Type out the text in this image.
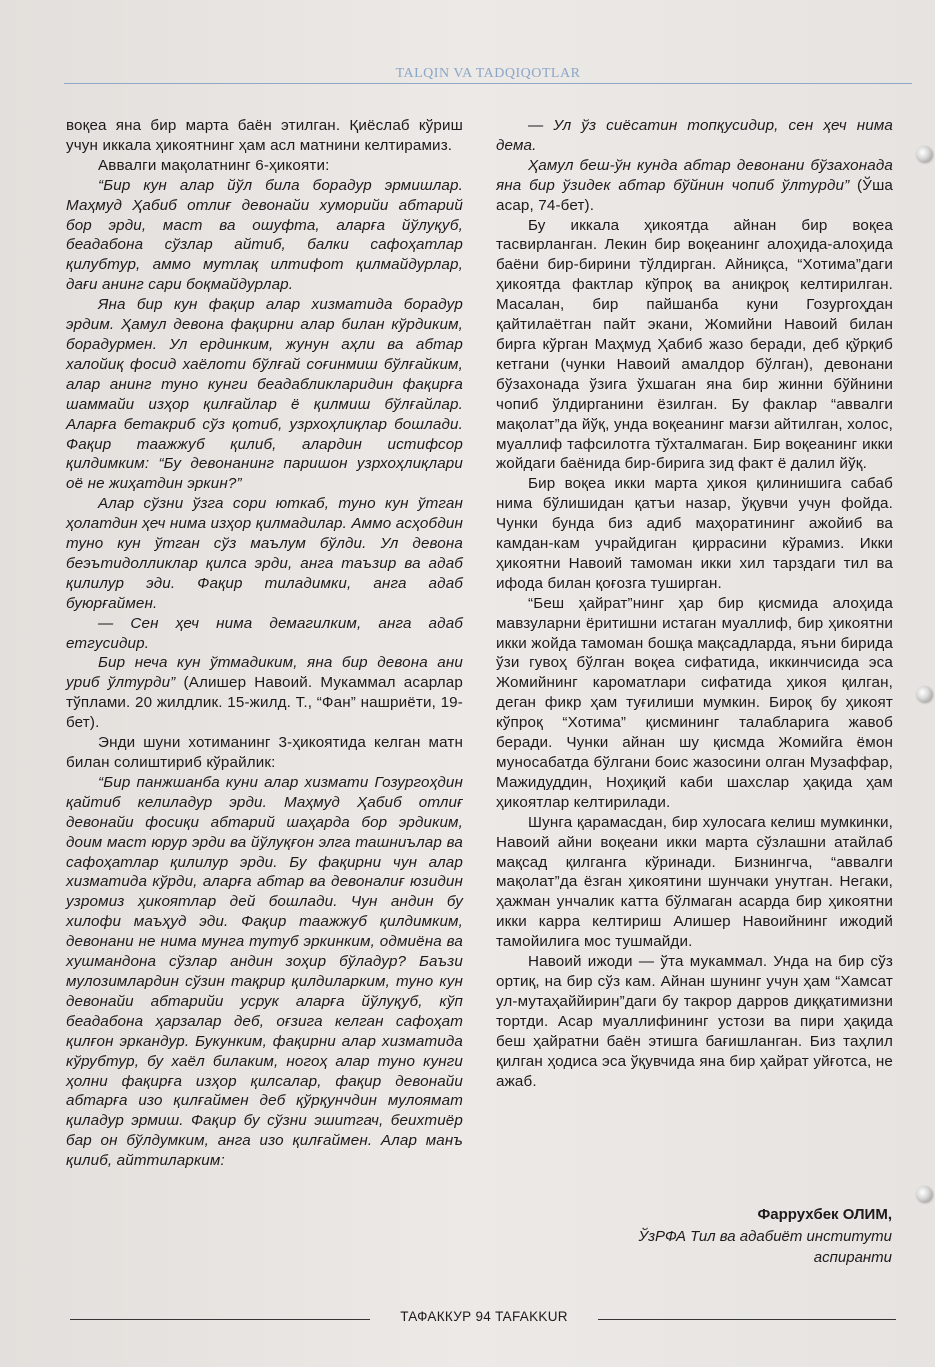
TALQIN VA TADQIQOTLAR

воқеа яна бир марта баён этилган. Қиёслаб кўриш учун иккала ҳикоятнинг ҳам асл матнини келтирамиз.

Аввалги мақолатнинг 6-ҳикояти:

“Бир кун алар йўл била борадур эрмишлар. Маҳмуд Ҳабиб отлиғ девонайи хуморийи абтарий бор эрди, маст ва ошуфта, аларға йўлуқуб, беадабона сўзлар айтиб, балки сафоҳатлар қилубтур, аммо мутлақ илтифот қилмайдурлар, дағи анинг сари боқмайдурлар.

Яна бир кун фақир алар хизматида борадур эрдим. Ҳамул девона фақирни алар билан кўрдиким, борадурмен. Ул ердинким, жунун аҳли ва абтар халойиқ фосид хаёлоти бўлғай соғинмиш бўлғайким, алар анинг туно кунги беадабликларидин фақирға шаммайи изҳор қилғайлар ё қилмиш бўлғайлар. Аларға бетакриб сўз қотиб, узрхоҳлиқлар бошлади. Фақир таажжуб қилиб, алардин истифсор қилдимким: “Бу девонанинг паришон узрхоҳлиқлари оё не жиҳатдин эркин?”

Алар сўзни ўзга сори юткаб, туно кун ўтган ҳолатдин ҳеч нима изҳор қилмадилар. Аммо асҳобдин туно кун ўтган сўз маълум бўлди. Ул девона беэътидолликлар қилса эрди, анга таъзир ва адаб қилилур эди. Фақир тиладимки, анга адаб буюрғаймен.

— Сен ҳеч нима демагилким, анга адаб етгусидир.

Бир неча кун ўтмадиким, яна бир девона ани уриб ўлтурди” (Алишер Навоий. Мукаммал асарлар тўплами. 20 жилдлик. 15-жилд. Т., “Фан” нашриёти, 19-бет).

Энди шуни хотиманинг 3-ҳикоятида келган матн билан солиштириб кўрайлик:

“Бир панжшанба куни алар хизмати Гозургоҳдин қайтиб келиладур эрди. Маҳмуд Ҳабиб отлиғ девонайи фосиқи абтарий шаҳарда бор эрдиким, доим маст юрур эрди ва йўлуқғон элга ташниълар ва сафоҳатлар қилилур эрди. Бу фақирни чун алар хизматида кўрди, аларға абтар ва девоналиғ юзидин узромиз ҳикоятлар дей бошлади. Чун андин бу хилофи маъҳуд эди. Фақир таажжуб қилдимким, девонани не нима мунга тутуб эркинким, одмиёна ва хушмандона сўзлар андин зоҳир бўладур? Баъзи мулозимлардин сўзин тақрир қилдиларким, туно кун девонайи абтарийи усрук аларға йўлуқуб, кўп беадабона ҳарзалар деб, оғзига келган сафоҳат қилғон эркандур. Букунким, фақирни алар хизматида кўрубтур, бу хаёл билаким, ногоҳ алар туно кунги ҳолни фақирға изҳор қилсалар, фақир девонайи абтарға изо қилғаймен деб қўрқунчдин мулоямат қиладур эрмиш. Фақир бу сўзни эшитгач, беихтиёр бар он бўлдумким, анга изо қилғаймен. Алар манъ қилиб, айттиларким:

— Ул ўз сиёсатин топқусидир, сен ҳеч нима дема.

Ҳамул беш-ўн кунда абтар девонани бўзахонада яна бир ўзидек абтар бўйнин чопиб ўлтурди” (Ўша асар, 74-бет).

Бу иккала ҳикоятда айнан бир воқеа тасвирланган. Лекин бир воқеанинг алоҳида-алоҳида баёни бир-бирини тўлдирган. Айниқса, “Хотима”даги ҳикоятда фактлар кўпроқ ва аниқроқ келтирилган. Масалан, бир пайшанба куни Гозургоҳдан қайтилаётган пайт экани, Жомийни Навоий билан бирга кўрган Маҳмуд Ҳабиб жазо беради, деб қўрқиб кетгани (чунки Навоий амалдор бўлган), девонани бўзахонада ўзига ўхшаган яна бир жинни бўйнини чопиб ўлдирганини ёзилган. Бу факлар “аввалги мақолат”да йўқ, унда воқеанинг мағзи айтилган, холос, муаллиф тафсилотга тўхталмаган. Бир воқеанинг икки жойдаги баёнида бир-бирига зид факт ё далил йўқ.

Бир воқеа икки марта ҳикоя қилинишига сабаб нима бўлишидан қатъи назар, ўқувчи учун фойда. Чунки бунда биз адиб маҳоратининг ажойиб ва камдан-кам учрайдиган қиррасини кўрамиз. Икки ҳикоятни Навоий тамоман икки хил тарздаги тил ва ифода билан қоғозга туширган.

“Беш ҳайрат”нинг ҳар бир қисмида алоҳида мавзуларни ёритишни истаган муаллиф, бир ҳикоятни икки жойда тамоман бошқа мақсадларда, яъни бирида ўзи гувоҳ бўлган воқеа сифатида, иккинчисида эса Жомийнинг кароматлари сифатида ҳикоя қилган, деган фикр ҳам туғилиши мумкин. Бироқ бу ҳикоят кўпроқ “Хотима” қисмининг талабларига жавоб беради. Чунки айнан шу қисмда Жомийга ёмон муносабатда бўлгани боис жазосини олган Музаффар, Мажидуддин, Ноҳиқий каби шахслар ҳақида ҳам ҳикоятлар келтирилади.

Шунга қарамасдан, бир хулосага келиш мумкинки, Навоий айни воқеани икки марта сўзлашни атайлаб мақсад қилганга кўринади. Бизнингча, “аввалги мақолат”да ёзган ҳикоятини шунчаки унутган. Негаки, ҳажман унчалик катта бўлмаган асарда бир ҳикоятни икки карра келтириш Алишер Навоийнинг ижодий тамойилига мос тушмайди.

Навоий ижоди — ўта мукаммал. Унда на бир сўз ортиқ, на бир сўз кам. Айнан шунинг учун ҳам “Хамсат ул-мутаҳаййирин”даги бу такрор дарров диққатимизни тортди. Асар муаллифининг устози ва пири ҳақида беш ҳайратни баён этишга бағишланган. Биз таҳлил қилган ҳодиса эса ўқувчида яна бир ҳайрат уйғотса, не ажаб.

Фаррухбек ОЛИМ,
ЎзРФА Тил ва адабиёт институти
аспиранти
ТАФАККУР 94 TAFAKKUR
